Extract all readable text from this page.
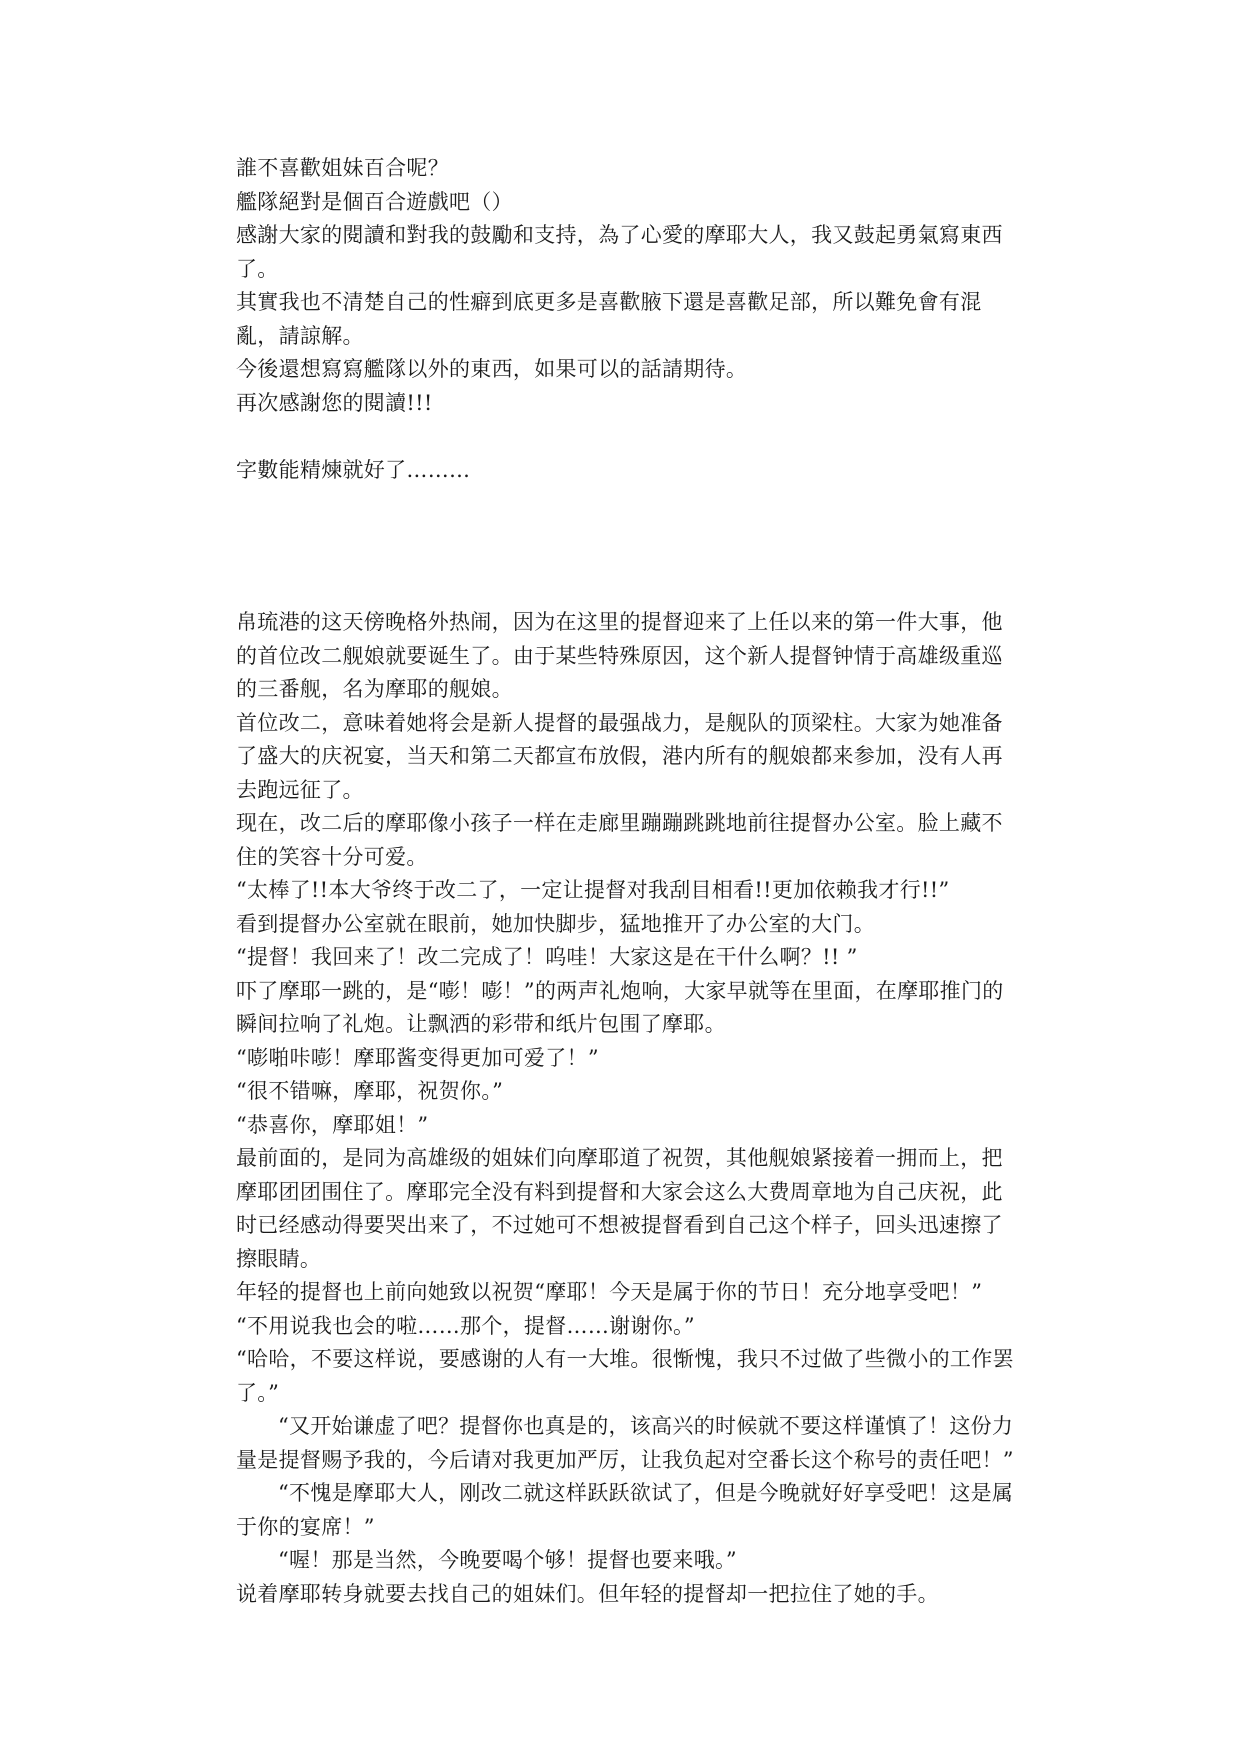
誰不喜歡姐妹百合呢？

艦隊絕對是個百合遊戲吧（）

感謝大家的閱讀和對我的鼓勵和支持，為了心愛的摩耶大人，我又鼓起勇氣寫東西了。

其實我也不清楚自己的性癖到底更多是喜歡腋下還是喜歡足部，所以難免會有混亂，請諒解。

今後還想寫寫艦隊以外的東西，如果可以的話請期待。

再次感謝您的閱讀!!!

字數能精煉就好了………

帛琉港的这天傍晚格外热闹，因为在这里的提督迎来了上任以来的第一件大事，他的首位改二舰娘就要诞生了。由于某些特殊原因，这个新人提督钟情于高雄级重巡的三番舰，名为摩耶的舰娘。

首位改二，意味着她将会是新人提督的最强战力，是舰队的顶梁柱。大家为她准备了盛大的庆祝宴，当天和第二天都宣布放假，港内所有的舰娘都来参加，没有人再去跑远征了。

现在，改二后的摩耶像小孩子一样在走廊里蹦蹦跳跳地前往提督办公室。脸上藏不住的笑容十分可爱。

“太棒了!!本大爷终于改二了，一定让提督对我刮目相看!!更加依赖我才行!!”

看到提督办公室就在眼前，她加快脚步，猛地推开了办公室的大门。

“提督！我回来了！改二完成了！呜哇！大家这是在干什么啊？!! ”

吓了摩耶一跳的，是“嘭！嘭！”的两声礼炮响，大家早就等在里面，在摩耶推门的瞬间拉响了礼炮。让飘洒的彩带和纸片包围了摩耶。

“嘭啪咔嘭！摩耶酱变得更加可爱了！”

“很不错嘛，摩耶，祝贺你。”

“恭喜你，摩耶姐！”

最前面的，是同为高雄级的姐妹们向摩耶道了祝贺，其他舰娘紧接着一拥而上，把摩耶团团围住了。摩耶完全没有料到提督和大家会这么大费周章地为自己庆祝，此时已经感动得要哭出来了，不过她可不想被提督看到自己这个样子，回头迅速擦了擦眼睛。

年轻的提督也上前向她致以祝贺“摩耶！今天是属于你的节日！充分地享受吧！”

“不用说我也会的啦……那个，提督……谢谢你。”

“哈哈，不要这样说，要感谢的人有一大堆。很惭愧，我只不过做了些微小的工作罢了。”

“又开始谦虚了吧？提督你也真是的，该高兴的时候就不要这样谨慎了！这份力量是提督赐予我的，今后请对我更加严厉，让我负起对空番长这个称号的责任吧！”

“不愧是摩耶大人，刚改二就这样跃跃欲试了，但是今晚就好好享受吧！这是属于你的宴席！”

“喔！那是当然，今晚要喝个够！提督也要来哦。”

说着摩耶转身就要去找自己的姐妹们。但年轻的提督却一把拉住了她的手。
